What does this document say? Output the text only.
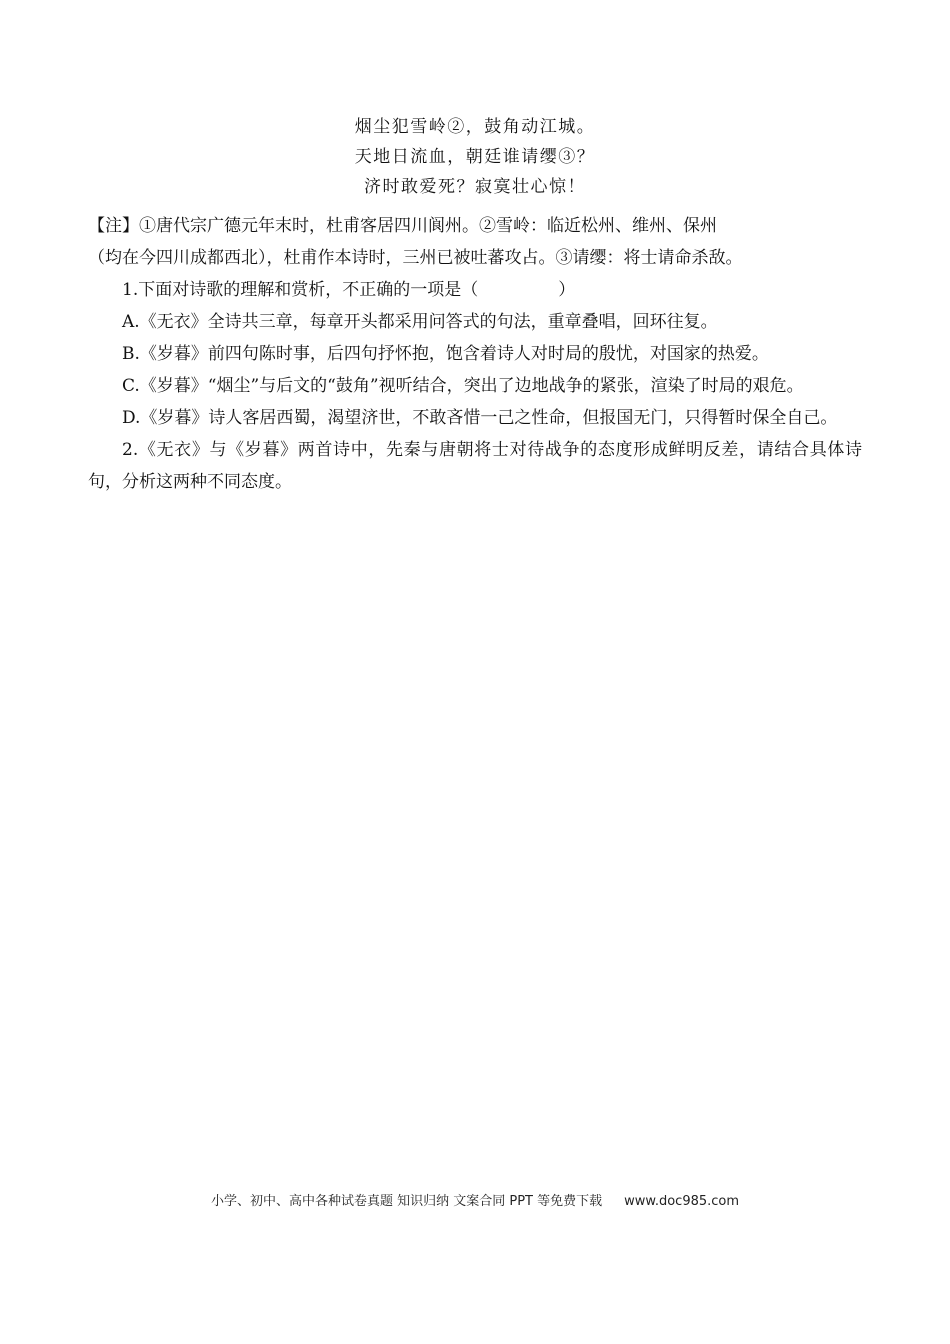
烟尘犯雪岭②，鼓角动江城。
天地日流血，朝廷谁请缨③？
济时敢爱死？寂寞壮心惊！

【注】①唐代宗广德元年末时，杜甫客居四川阆州。②雪岭：临近松州、维州、保州
（均在今四川成都西北），杜甫作本诗时，三州已被吐蕃攻占。③请缨：将士请命杀敌。

1.下面对诗歌的理解和赏析，不正确的一项是（	）

A.《无衣》全诗共三章，每章开头都采用问答式的句法，重章叠唱，回环往复。

B.《岁暮》前四句陈时事，后四句抒怀抱，饱含着诗人对时局的殷忧，对国家的热爱。

C.《岁暮》“烟尘”与后文的“鼓角”视听结合，突出了边地战争的紧张，渲染了时局的艰危。

D.《岁暮》诗人客居西蜀，渴望济世，不敢吝惜一己之性命，但报国无门，只得暂时保全自己。

2.《无衣》与《岁暮》两首诗中，先秦与唐朝将士对待战争的态度形成鲜明反差，请结合具体诗句，分析这两种不同态度。

小学、初中、高中各种试卷真题 知识归纳 文案合同 PPT 等免费下载 www.doc985.com
